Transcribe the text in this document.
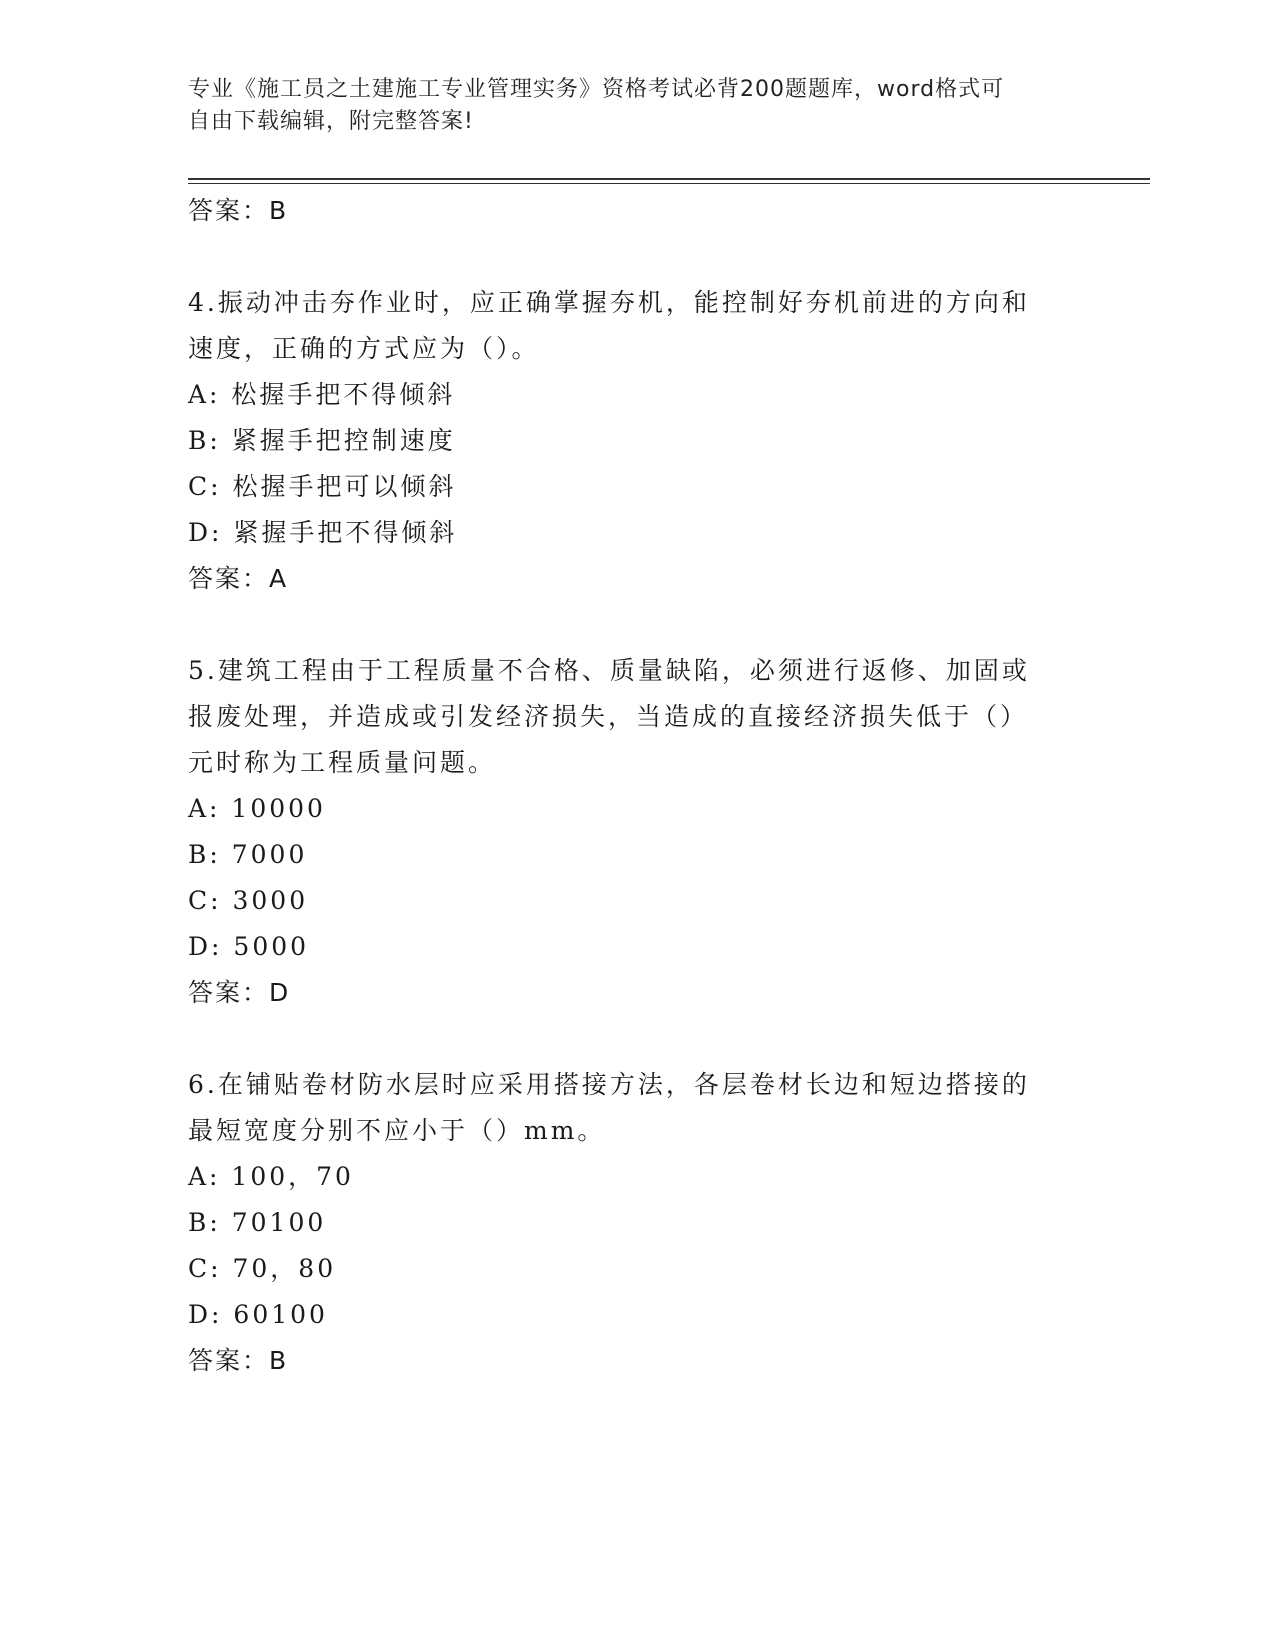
专业《施工员之土建施工专业管理实务》资格考试必背200题题库，word格式可
自由下载编辑，附完整答案!
答案：B
4.振动冲击夯作业时，应正确掌握夯机，能控制好夯机前进的方向和
速度，正确的方式应为（）。
A: 松握手把不得倾斜
B: 紧握手把控制速度
C: 松握手把可以倾斜
D: 紧握手把不得倾斜
答案：A
5.建筑工程由于工程质量不合格、质量缺陷，必须进行返修、加固或
报废处理，并造成或引发经济损失，当造成的直接经济损失低于（）
元时称为工程质量问题。
A: 10000
B: 7000
C: 3000
D: 5000
答案：D
6.在铺贴卷材防水层时应采用搭接方法，各层卷材长边和短边搭接的
最短宽度分别不应小于（）mm。
A: 100，70
B: 70100
C: 70，80
D: 60100
答案：B
